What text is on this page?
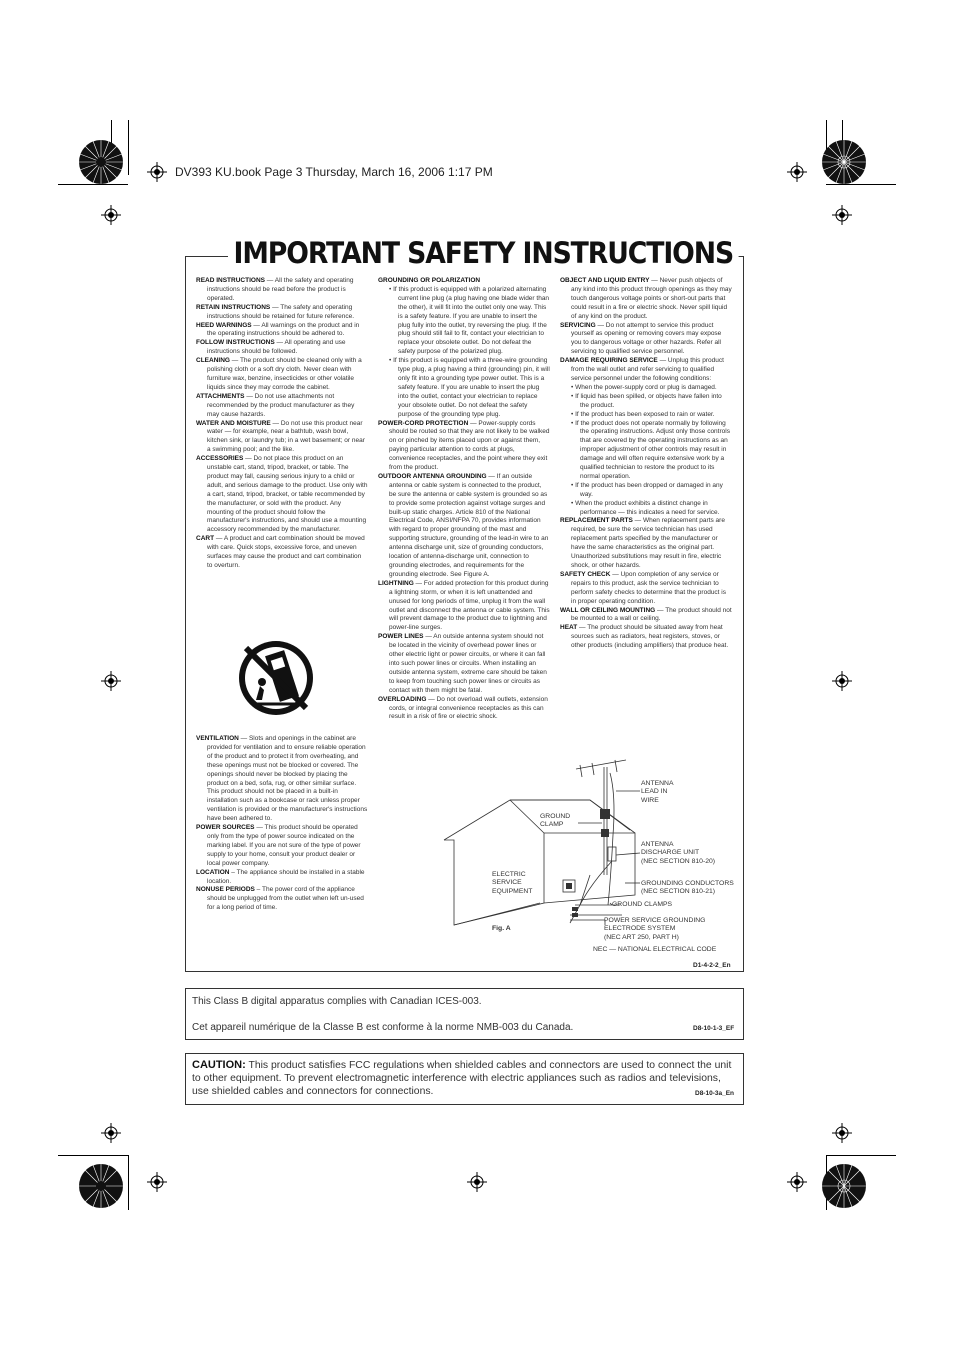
DV393 KU.book Page 3 Thursday, March 16, 2006 1:17 PM
IMPORTANT SAFETY INSTRUCTIONS

READ INSTRUCTIONS — All the safety and operating instructions should be read before the product is operated.

RETAIN INSTRUCTIONS — The safety and operating instructions should be retained for future reference.

HEED WARNINGS — All warnings on the product and in the operating instructions should be adhered to.

FOLLOW INSTRUCTIONS — All operating and use instructions should be followed.

CLEANING — The product should be cleaned only with a polishing cloth or a soft dry cloth. Never clean with furniture wax, benzine, insecticides or other volatile liquids since they may corrode the cabinet.

ATTACHMENTS — Do not use attachments not recommended by the product manufacturer as they may cause hazards.

WATER AND MOISTURE — Do not use this product near water — for example, near a bathtub, wash bowl, kitchen sink, or laundry tub; in a wet basement; or near a swimming pool; and the like.

ACCESSORIES — Do not place this product on an unstable cart, stand, tripod, bracket, or table. The product may fall, causing serious injury to a child or adult, and serious damage to the product. Use only with a cart, stand, tripod, bracket, or table recommended by the manufacturer, or sold with the product. Any mounting of the product should follow the manufacturer's instructions, and should use a mounting accessory recommended by the manufacturer.

CART — A product and cart combination should be moved with care. Quick stops, excessive force, and uneven surfaces may cause the product and cart combination to overturn.

VENTILATION — Slots and openings in the cabinet are provided for ventilation and to ensure reliable operation of the product and to protect it from overheating, and these openings must not be blocked or covered. The openings should never be blocked by placing the product on a bed, sofa, rug, or other similar surface. This product should not be placed in a built-in installation such as a bookcase or rack unless proper ventilation is provided or the manufacturer's instructions have been adhered to.

POWER SOURCES — This product should be operated only from the type of power source indicated on the marking label. If you are not sure of the type of power supply to your home, consult your product dealer or local power company.

LOCATION – The appliance should be installed in a stable location.

NONUSE PERIODS – The power cord of the appliance should be unplugged from the outlet when left un-used for a long period of time.

GROUNDING OR POLARIZATION

• If this product is equipped with a polarized alternating current line plug (a plug having one blade wider than the other), it will fit into the outlet only one way. This is a safety feature. If you are unable to insert the plug fully into the outlet, try reversing the plug. If the plug should still fail to fit, contact your electrician to replace your obsolete outlet. Do not defeat the safety purpose of the polarized plug.
• If this product is equipped with a three-wire grounding type plug, a plug having a third (grounding) pin, it will only fit into a grounding type power outlet. This is a safety feature. If you are unable to insert the plug into the outlet, contact your electrician to replace your obsolete outlet. Do not defeat the safety purpose of the grounding type plug.

POWER-CORD PROTECTION — Power-supply cords should be routed so that they are not likely to be walked on or pinched by items placed upon or against them, paying particular attention to cords at plugs, convenience receptacles, and the point where they exit from the product.

OUTDOOR ANTENNA GROUNDING — If an outside antenna or cable system is connected to the product, be sure the antenna or cable system is grounded so as to provide some protection against voltage surges and built-up static charges. Article 810 of the National Electrical Code, ANSI/NFPA 70, provides information with regard to proper grounding of the mast and supporting structure, grounding of the lead-in wire to an antenna discharge unit, size of grounding conductors, location of antenna-discharge unit, connection to grounding electrodes, and requirements for the grounding electrode. See Figure A.

LIGHTNING — For added protection for this product during a lightning storm, or when it is left unattended and unused for long periods of time, unplug it from the wall outlet and disconnect the antenna or cable system. This will prevent damage to the product due to lightning and power-line surges.

POWER LINES — An outside antenna system should not be located in the vicinity of overhead power lines or other electric light or power circuits, or where it can fall into such power lines or circuits. When installing an outside antenna system, extreme care should be taken to keep from touching such power lines or circuits as contact with them might be fatal.

OVERLOADING — Do not overload wall outlets, extension cords, or integral convenience receptacles as this can result in a risk of fire or electric shock.

OBJECT AND LIQUID ENTRY — Never push objects of any kind into this product through openings as they may touch dangerous voltage points or short-out parts that could result in a fire or electric shock. Never spill liquid of any kind on the product.

SERVICING — Do not attempt to service this product yourself as opening or removing covers may expose you to dangerous voltage or other hazards. Refer all servicing to qualified service personnel.

DAMAGE REQUIRING SERVICE — Unplug this product from the wall outlet and refer servicing to qualified service personnel under the following conditions:

• When the power-supply cord or plug is damaged.
• If liquid has been spilled, or objects have fallen into the product.
• If the product has been exposed to rain or water.
• If the product does not operate normally by following the operating instructions. Adjust only those controls that are covered by the operating instructions as an improper adjustment of other controls may result in damage and will often require extensive work by a qualified technician to restore the product to its normal operation.
• If the product has been dropped or damaged in any way.
• When the product exhibits a distinct change in performance — this indicates a need for service.

REPLACEMENT PARTS — When replacement parts are required, be sure the service technician has used replacement parts specified by the manufacturer or have the same characteristics as the original part. Unauthorized substitutions may result in fire, electric shock, or other hazards.

SAFETY CHECK — Upon completion of any service or repairs to this product, ask the service technician to perform safety checks to determine that the product is in proper operating condition.

WALL OR CEILING MOUNTING — The product should not be mounted to a wall or ceiling.

HEAT — The product should be situated away from heat sources such as radiators, heat registers, stoves, or other products (including amplifiers) that produce heat.

ANTENNA
LEAD IN
WIRE
GROUND
CLAMP
ANTENNA
DISCHARGE UNIT
(NEC SECTION 810-20)
ELECTRIC
SERVICE
EQUIPMENT
GROUNDING CONDUCTORS
(NEC SECTION 810-21)
GROUND CLAMPS
POWER SERVICE GROUNDING
ELECTRODE SYSTEM
(NEC ART 250, PART H)
NEC — NATIONAL ELECTRICAL CODE
Fig. A
D1-4-2-2_En
This Class B digital apparatus complies with Canadian ICES-003.
Cet appareil numérique de la Classe B est conforme à la norme NMB-003 du Canada.	D8-10-1-3_EF
CAUTION: This product satisfies FCC regulations when shielded cables and connectors are used to connect the unit to other equipment. To prevent electromagnetic interference with electric appliances such as radios and televisions, use shielded cables and connectors for connections.	D8-10-3a_En
